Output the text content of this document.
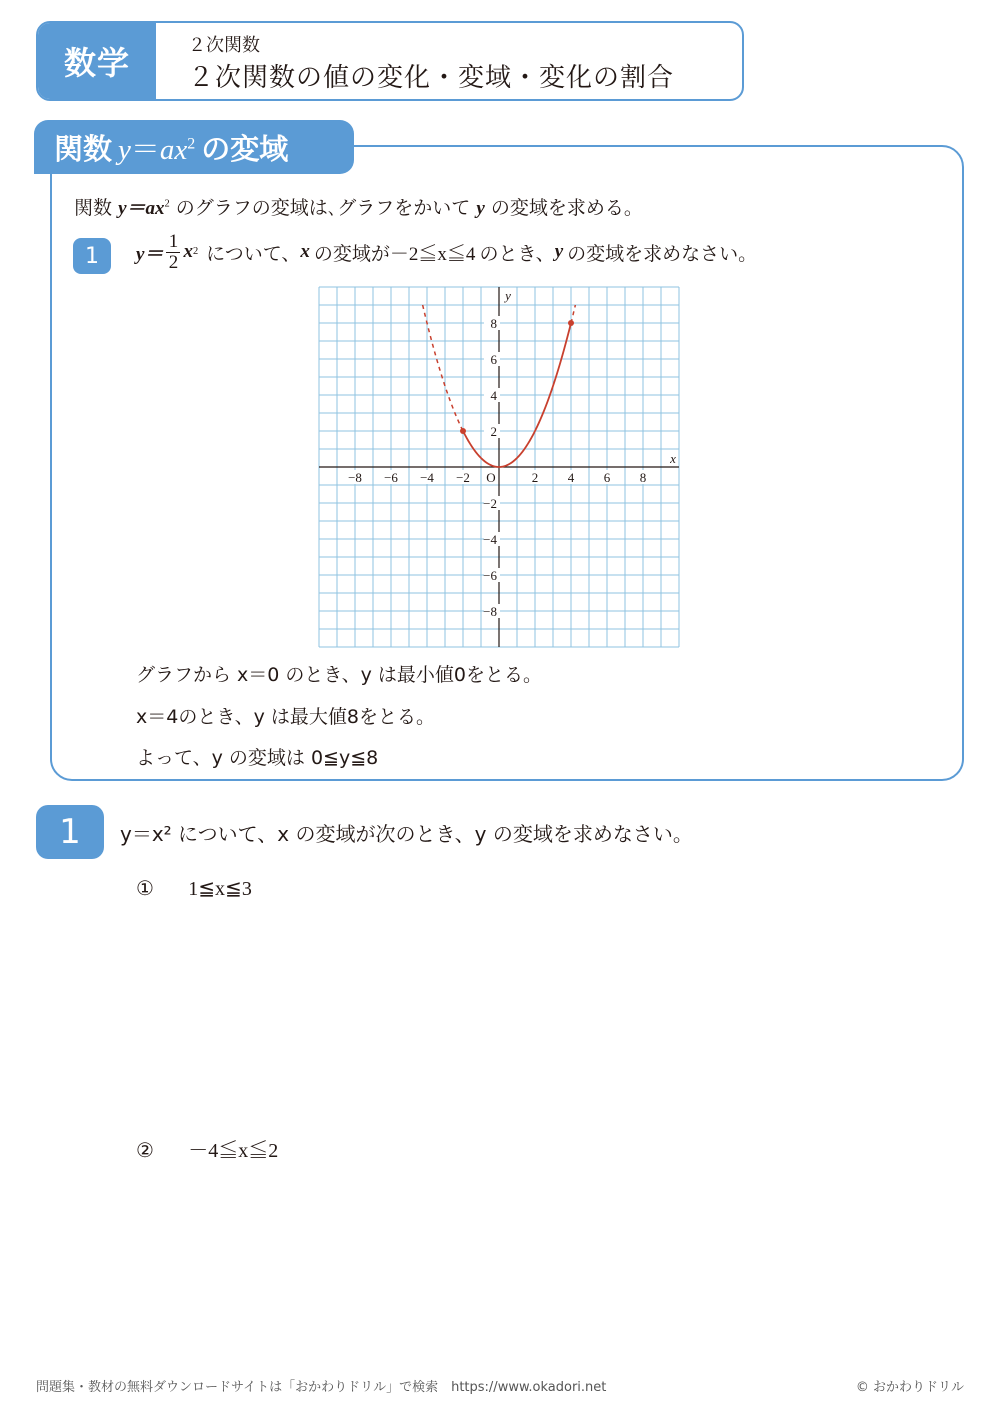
数学	２次関数
２次関数の値の変化・変域・変化の割合
関数 $y=ax^2$ の変域
関数 $y=ax^2$ のグラフの変域は､グラフをかいて y の変域を求める。
1	$y= \frac{1}{2}$ x 2 について、 x の変域が －2≦x≦4 のとき、 y の変域を求めなさい。
−8 −6 −4 −2	2 4 6 8
8
6
4
2
−2
−4
−6
−8
O
x
y
グラフから x＝0 のとき、y は最小値0をとる。
x＝4のとき、y は最大値8をとる。
よって、y の変域は 0≦y≦8
1	y＝x² について、x の変域が次のとき、y の変域を求めなさい。
① 1≦x≦3
② －4≦x≦2
問題集・教材の無料ダウンロードサイトは「おかわりドリル」で検索　https://www.okadori.net	© おかわりドリル
